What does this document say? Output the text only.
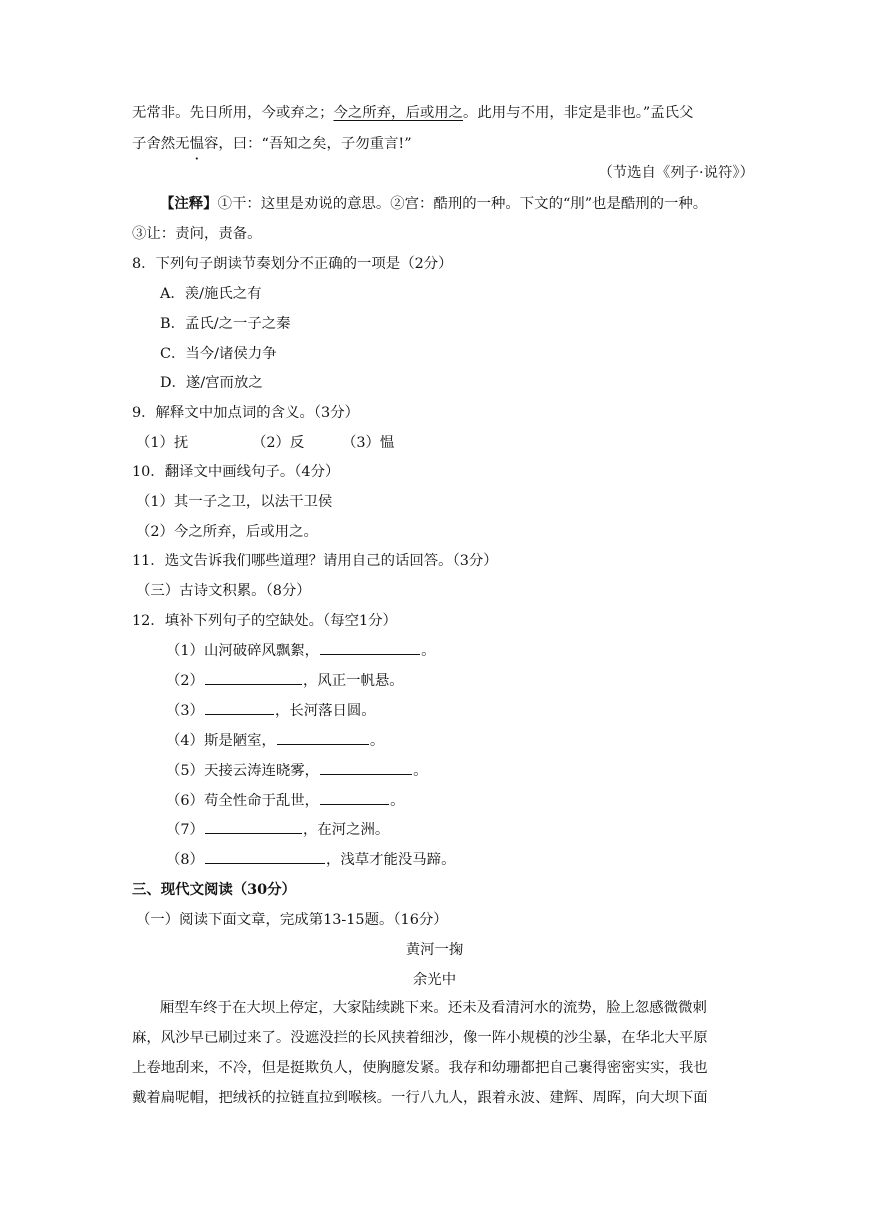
无常非。先日所用，今或弃之；今之所弃，后或用之。此用与不用，非定是非也。”孟氏父
子舍然无愠容，曰：“吾知之矣，子勿重言!”
（节选自《列子·说符》）
【注释】①干：这里是劝说的意思。②宫：酷刑的一种。下文的“刖”也是酷刑的一种。
③让：责问，责备。
8．下列句子朗读节奏划分不正确的一项是（2分）
A．羡/施氏之有
B．孟氏/之一子之秦
C．当今/诸侯力争
D．遂/宫而放之
9．解释文中加点词的含义。（3分）
（1）抚	（2）反	（3）愠
10．翻译文中画线句子。（4分）
（1）其一子之卫，以法干卫侯
（2）今之所弃，后或用之。
11．选文告诉我们哪些道理？请用自己的话回答。（3分）
（三）古诗文积累。（8分）
12．填补下列句子的空缺处。（每空1分）
（1）山河破碎风飘絮，	。
（2）	，风正一帆悬。
（3）	，长河落日圆。
（4）斯是陋室，	。
（5）天接云涛连晓雾，	。
（6）苟全性命于乱世，	。
（7）	，在河之洲。
（8）	，浅草才能没马蹄。
三、现代文阅读（30分）
（一）阅读下面文章，完成第13-15题。（16分）
黄河一掬
余光中
厢型车终于在大坝上停定，大家陆续跳下来。还未及看清河水的流势，脸上忽感微微刺
麻，风沙早已刷过来了。没遮没拦的长风挟着细沙，像一阵小规模的沙尘暴，在华北大平原
上卷地刮来，不冷，但是挺欺负人，使胸臆发紧。我存和幼珊都把自己裹得密密实实，我也
戴着扁呢帽，把绒袄的拉链直拉到喉核。一行八九人，跟着永波、建辉、周晖，向大坝下面
